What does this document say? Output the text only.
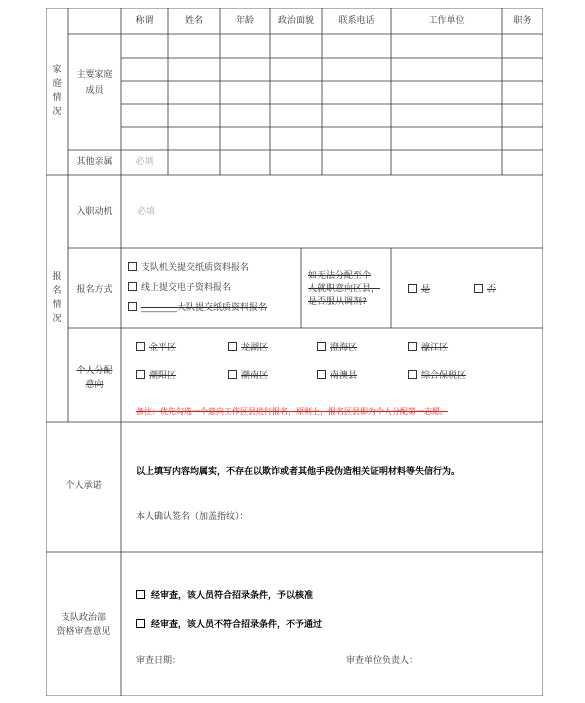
家
庭
情
况
称谓	姓名	年龄	政治面貌	联系电话	工作单位	职务
主要家庭
成员
其他亲属	必填
报
名
情
况
入职动机	必填
报名方式
支队机关提交纸质资料报名
线上提交电子资料报名
________大队提交纸质资料报名
如无法分配至个
人就职意向区县，
是否服从调剂?
是	否
个人分配
意向
金平区	龙湖区	澄海区	濠江区
潮阳区	潮南区	南澳县	综合保税区
备注：优先勾选一个意向工作区县进行报名，原则上，报名区县即为个人分配第一志愿。
个人承诺
以上填写内容均属实，不存在以欺诈或者其他手段伪造相关证明材料等失信行为。
本人确认签名（加盖指纹）：
支队政治部
资格审查意见
经审查，该人员符合招录条件，予以核准
经审查，该人员不符合招录条件，不予通过
审查日期：	审查单位负责人：
